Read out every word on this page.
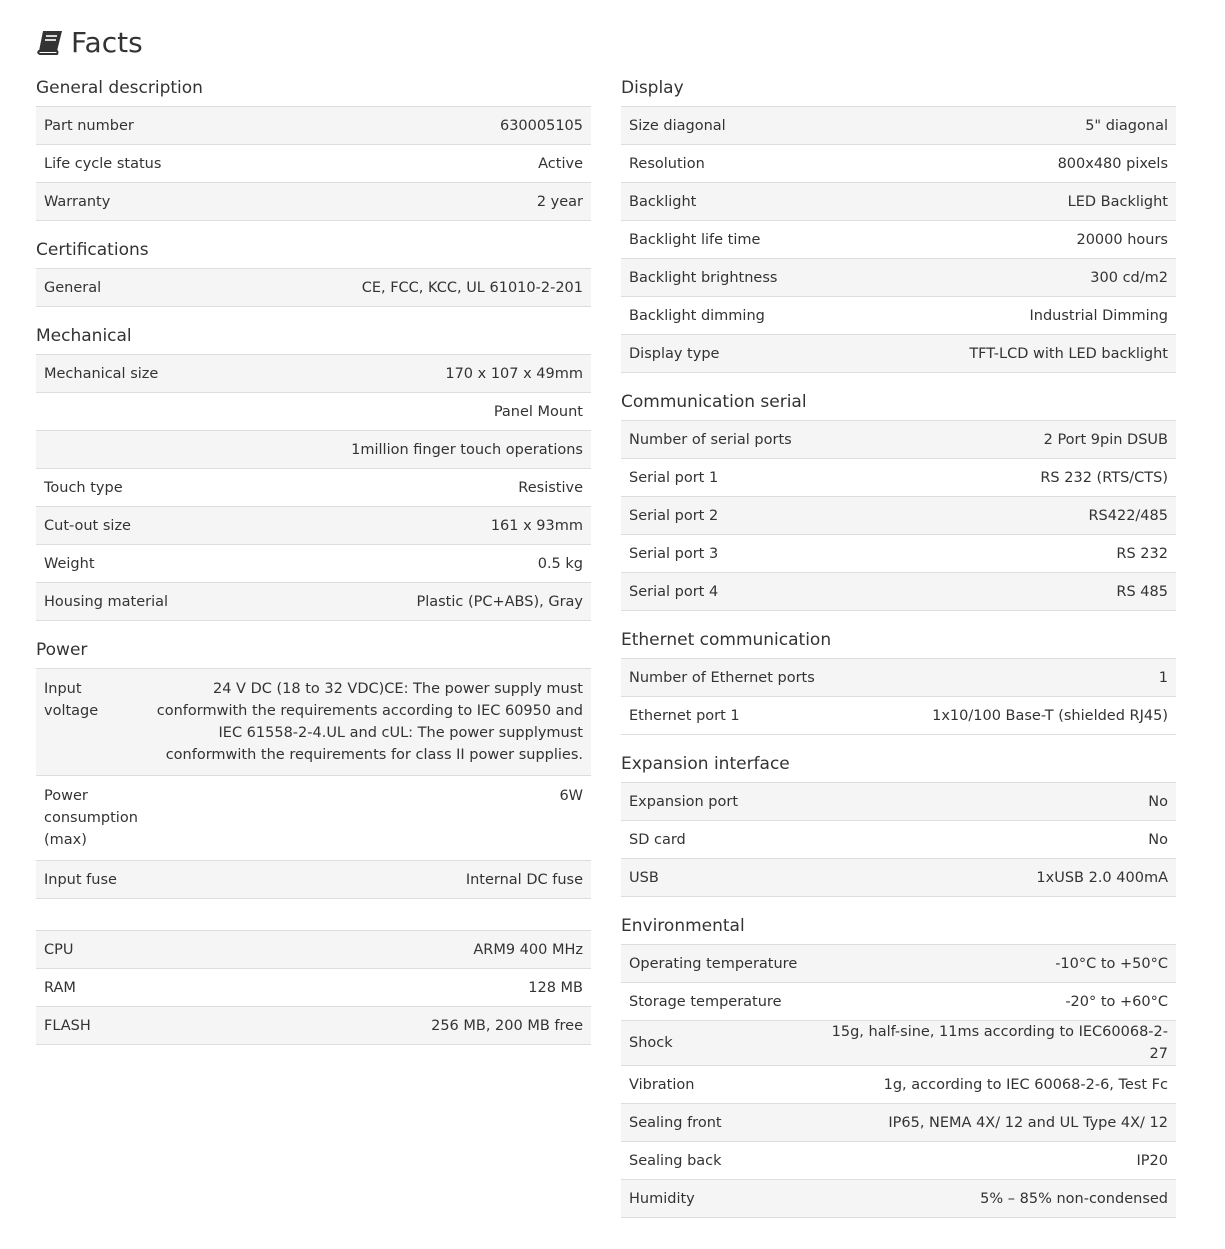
Facts
General description
Part number	630005105
Life cycle status	Active
Warranty	2 year
Certifications
General	CE, FCC, KCC, UL 61010-2-201
Mechanical
Mechanical size	170 x 107 x 49mm
	Panel Mount
	1million finger touch operations
Touch type	Resistive
Cut-out size	161 x 93mm
Weight	0.5 kg
Housing material	Plastic (PC+ABS), Gray
Power
Input voltage	24 V DC (18 to 32 VDC)CE: The power supply must conformwith the requirements according to IEC 60950 and IEC 61558-2-4.UL and cUL: The power supplymust conformwith the requirements for class II power supplies.
Power consumption (max)	6W
Input fuse	Internal DC fuse
CPU	ARM9 400 MHz
RAM	128 MB
FLASH	256 MB, 200 MB free
Display
Size diagonal	5" diagonal
Resolution	800x480 pixels
Backlight	LED Backlight
Backlight life time	20000 hours
Backlight brightness	300 cd/m2
Backlight dimming	Industrial Dimming
Display type	TFT-LCD with LED backlight
Communication serial
Number of serial ports	2 Port 9pin DSUB
Serial port 1	RS 232 (RTS/CTS)
Serial port 2	RS422/485
Serial port 3	RS 232
Serial port 4	RS 485
Ethernet communication
Number of Ethernet ports	1
Ethernet port 1	1x10/100 Base-T (shielded RJ45)
Expansion interface
Expansion port	No
SD card	No
USB	1xUSB 2.0 400mA
Environmental
Operating temperature	-10°C to +50°C
Storage temperature	-20° to +60°C
Shock	15g, half-sine, 11ms according to IEC60068-2-27
Vibration	1g, according to IEC 60068-2-6, Test Fc
Sealing front	IP65, NEMA 4X/ 12 and UL Type 4X/ 12
Sealing back	IP20
Humidity	5% – 85% non-condensed
